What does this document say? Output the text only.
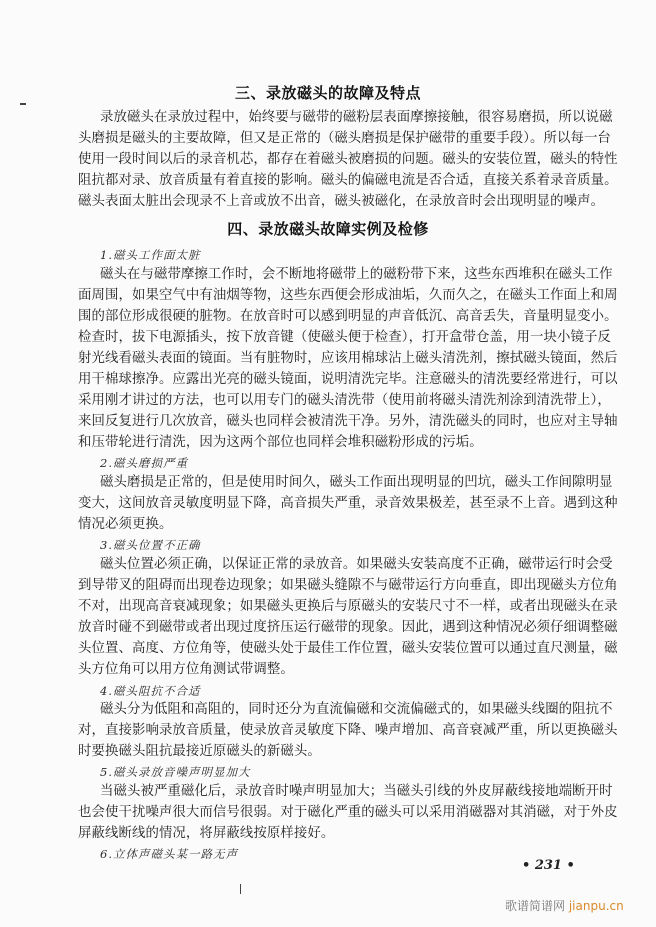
三、录放磁头的故障及特点
录放磁头在录放过程中，始终要与磁带的磁粉层表面摩擦接触，很容易磨损，所以说磁
头磨损是磁头的主要故障，但又是正常的（磁头磨损是保护磁带的重要手段）。所以每一台
使用一段时间以后的录音机芯，都存在着磁头被磨损的问题。磁头的安装位置，磁头的特性
阻抗都对录、放音质量有着直接的影响。磁头的偏磁电流是否合适，直接关系着录音质量。
磁头表面太脏出会现录不上音或放不出音，磁头被磁化，在录放音时会出现明显的噪声。
四、录放磁头故障实例及检修
1.磁头工作面太脏
磁头在与磁带摩擦工作时，会不断地将磁带上的磁粉带下来，这些东西堆积在磁头工作
面周围，如果空气中有油烟等物，这些东西便会形成油垢，久而久之，在磁头工作面上和周
围的部位形成很硬的脏物。在放音时可以感到明显的声音低沉、高音丢失，音量明显变小。
检查时，拔下电源插头，按下放音键（使磁头便于检查），打开盒带仓盖，用一块小镜子反
射光线看磁头表面的镜面。当有脏物时，应该用棉球沾上磁头清洗剂，擦拭磁头镜面，然后
用干棉球擦净。应露出光亮的磁头镜面，说明清洗完毕。注意磁头的清洗要经常进行，可以
采用刚才讲过的方法，也可以用专门的磁头清洗带（使用前将磁头清洗剂涂到清洗带上），
来回反复进行几次放音，磁头也同样会被清洗干净。另外，清洗磁头的同时，也应对主导轴
和压带轮进行清洗，因为这两个部位也同样会堆积磁粉形成的污垢。
2.磁头磨损严重
磁头磨损是正常的，但是使用时间久，磁头工作面出现明显的凹坑，磁头工作间隙明显
变大，这间放音灵敏度明显下降，高音损失严重，录音效果极差，甚至录不上音。遇到这种
情况必须更换。
3.磁头位置不正确
磁头位置必须正确，以保证正常的录放音。如果磁头安装高度不正确，磁带运行时会受
到导带叉的阻碍而出现卷边现象；如果磁头缝隙不与磁带运行方向垂直，即出现磁头方位角
不对，出现高音衰减现象；如果磁头更换后与原磁头的安装尺寸不一样，或者出现磁头在录
放音时碰不到磁带或者出现过度挤压运行磁带的现象。因此，遇到这种情况必须仔细调整磁
头位置、高度、方位角等，使磁头处于最佳工作位置，磁头安装位置可以通过直尺测量，磁
头方位角可以用方位角测试带调整。
4.磁头阻抗不合适
磁头分为低阻和高阻的，同时还分为直流偏磁和交流偏磁式的，如果磁头线圈的阻抗不
对，直接影响录放音质量，使录放音灵敏度下降、噪声增加、高音衰减严重，所以更换磁头
时要换磁头阻抗最接近原磁头的新磁头。
5.磁头录放音噪声明显加大
当磁头被严重磁化后，录放音时噪声明显加大；当磁头引线的外皮屏蔽线接地端断开时
也会使干扰噪声很大而信号很弱。对于磁化严重的磁头可以采用消磁器对其消磁，对于外皮
屏蔽线断线的情况，将屏蔽线按原样接好。
6.立体声磁头某一路无声
• 231 •
歌谱简谱网 jianpu.cn
